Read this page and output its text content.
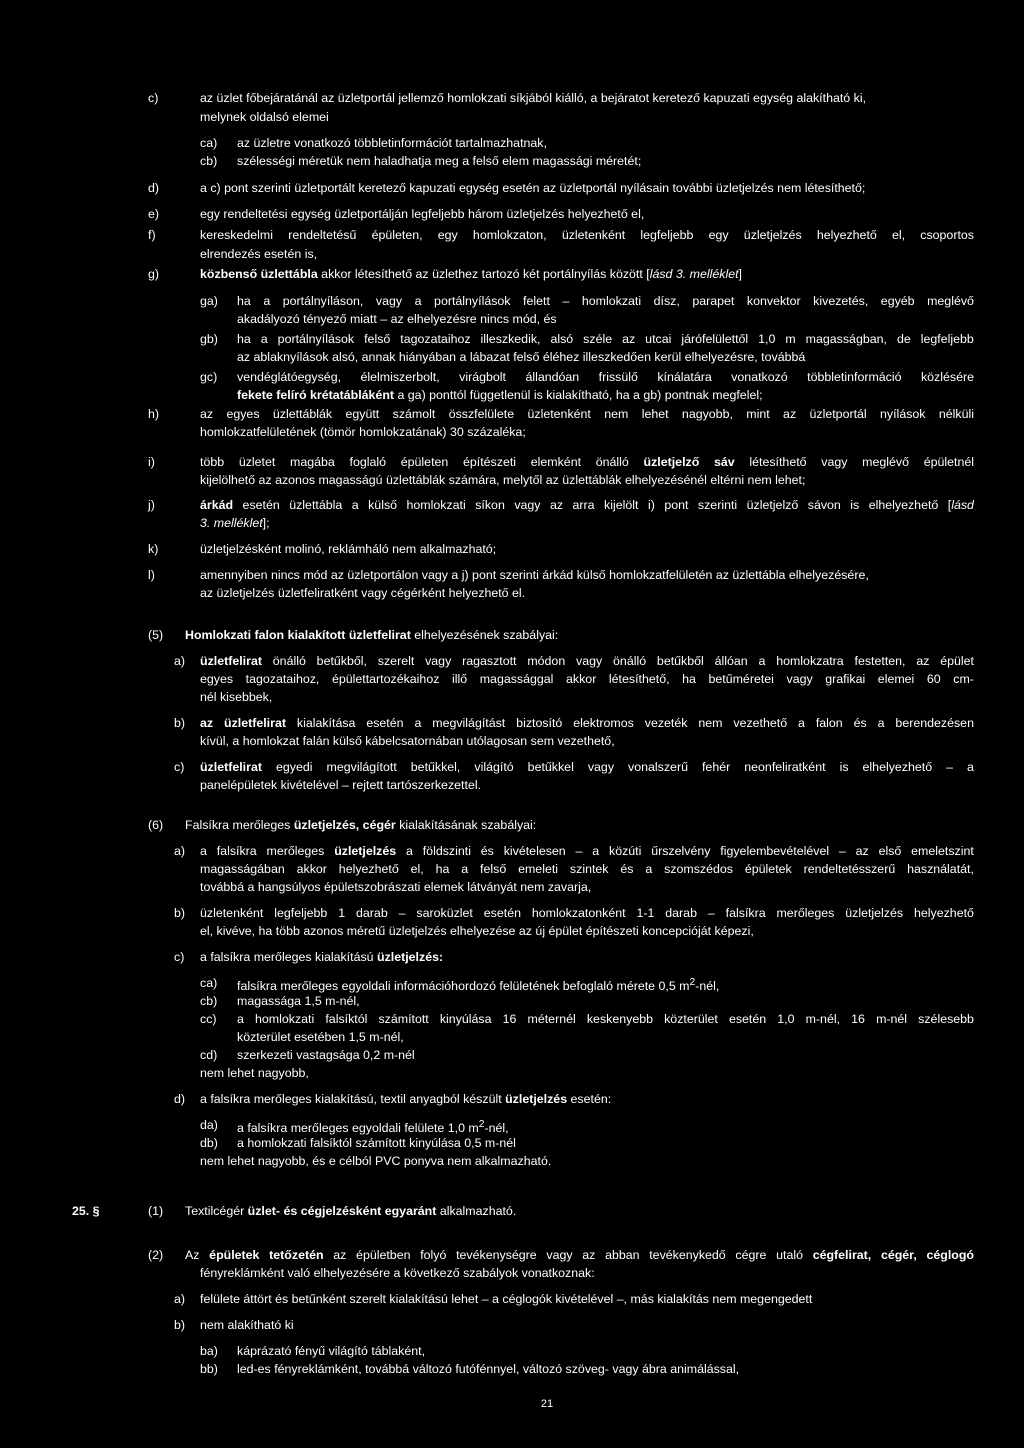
25. §
21
c)	az üzlet főbejáratánál az üzletportál jellemző homlokzati síkjából kiálló, a bejáratot keretező kapuzati egység alakítható ki,
melynek oldalsó elemei
ca) az üzletre vonatkozó többletinformációt tartalmazhatnak,
cb) szélességi méretük nem haladhatja meg a felső elem magassági méretét;
d)	a c) pont szerinti üzletportált keretező kapuzati egység esetén az üzletportál nyílásain további üzletjelzés nem létesíthető;
e)	egy rendeltetési egység üzletportálján legfeljebb három üzletjelzés helyezhető el,
f)	kereskedelmi rendeltetésű épületen, egy homlokzaton, üzletenként legfeljebb egy üzletjelzés helyezhető el, csoportos
elrendezés esetén is,
g)	közbenső üzlettábla akkor létesíthető az üzlethez tartozó két portálnyílás között [lásd 3. melléklet]
ga) ha a portálnyíláson, vagy a portálnyílások felett – homlokzati dísz, parapet konvektor kivezetés, egyéb meglévő
akadályozó tényező miatt – az elhelyezésre nincs mód, és
gb) ha a portálnyílások felső tagozataihoz illeszkedik, alsó széle az utcai járófelülettől 1,0 m magasságban, de legfeljebb
az ablaknyílások alsó, annak hiányában a lábazat felső éléhez illeszkedően kerül elhelyezésre, továbbá
gc) vendéglátóegység, élelmiszerbolt, virágbolt állandóan frissülő kínálatára vonatkozó többletinformáció közlésére
fekete felíró krétatábláként a ga) ponttól függetlenül is kialakítható, ha a gb) pontnak megfelel;
h)	az egyes üzlettáblák együtt számolt összfelülete üzletenként nem lehet nagyobb, mint az üzletportál nyílások nélküli
homlokzatfelületének (tömör homlokzatának) 30 százaléka;
i)	több üzletet magába foglaló épületen építészeti elemként önálló üzletjelző sáv létesíthető vagy meglévő épületnél
kijelölhető az azonos magasságú üzlettáblák számára, melytől az üzlettáblák elhelyezésénél eltérni nem lehet;
j)	árkád esetén üzlettábla a külső homlokzati síkon vagy az arra kijelölt i) pont szerinti üzletjelző sávon is elhelyezhető [lásd
3. melléklet];
k)	üzletjelzésként molinó, reklámháló nem alkalmazható;
l)	amennyiben nincs mód az üzletportálon vagy a j) pont szerinti árkád külső homlokzatfelületén az üzlettábla elhelyezésére,
az üzletjelzés üzletfeliratként vagy cégérként helyezhető el.
(5) Homlokzati falon kialakított üzletfelirat elhelyezésének szabályai:
a) üzletfelirat önálló betűkből, szerelt vagy ragasztott módon vagy önálló betűkből állóan a homlokzatra festetten, az épület
egyes tagozataihoz, épülettartozékaihoz illő magassággal akkor létesíthető, ha betűméretei vagy grafikai elemei 60 cm-
nél kisebbek,
b) az üzletfelirat kialakítása esetén a megvilágítást biztosító elektromos vezeték nem vezethető a falon és a berendezésen
kívül, a homlokzat falán külső kábelcsatornában utólagosan sem vezethető,
c) üzletfelirat egyedi megvilágított betűkkel, világító betűkkel vagy vonalszerű fehér neonfeliratként is elhelyezhető – a
panelépületek kivételével – rejtett tartószerkezettel.
(6) Falsíkra merőleges üzletjelzés, cégér kialakításának szabályai:
a) a falsíkra merőleges üzletjelzés a földszinti és kivételesen – a közúti űrszelvény figyelembevételével – az első emeletszint
magasságában akkor helyezhető el, ha a felső emeleti szintek és a szomszédos épületek rendeltetésszerű használatát,
továbbá a hangsúlyos épületszobrászati elemek látványát nem zavarja,
b) üzletenként legfeljebb 1 darab – saroküzlet esetén homlokzatonként 1-1 darab – falsíkra merőleges üzletjelzés helyezhető
el, kivéve, ha több azonos méretű üzletjelzés elhelyezése az új épület építészeti koncepcióját képezi,
c) a falsíkra merőleges kialakítású üzletjelzés:
ca) falsíkra merőleges egyoldali információhordozó felületének befoglaló mérete 0,5 $m^2$-nél,
cb) magassága 1,5 m-nél,
cc) a homlokzati falsíktól számított kinyúlása 16 méternél keskenyebb közterület esetén 1,0 m-nél, 16 m-nél szélesebb
közterület esetében 1,5 m-nél,
cd) szerkezeti vastagsága 0,2 m-nél
nem lehet nagyobb,
d) a falsíkra merőleges kialakítású, textil anyagból készült üzletjelzés esetén:
da) a falsíkra merőleges egyoldali felülete 1,0 $m^2$-nél,
db) a homlokzati falsíktól számított kinyúlása 0,5 m-nél
nem lehet nagyobb, és e célból PVC ponyva nem alkalmazható.
(1) Textilcégér üzlet- és cégjelzésként egyaránt alkalmazható.
(2) Az épületek tetőzetén az épületben folyó tevékenységre vagy az abban tevékenykedő cégre utaló cégfelirat, cégér, céglogó
fényreklámként való elhelyezésére a következő szabályok vonatkoznak:
a) felülete áttört és betűnként szerelt kialakítású lehet – a céglogók kivételével –, más kialakítás nem megengedett
b) nem alakítható ki
ba) káprázató fényű világító táblaként,
bb) led-es fényreklámként, továbbá változó futófénnyel, változó szöveg- vagy ábra animálással,
